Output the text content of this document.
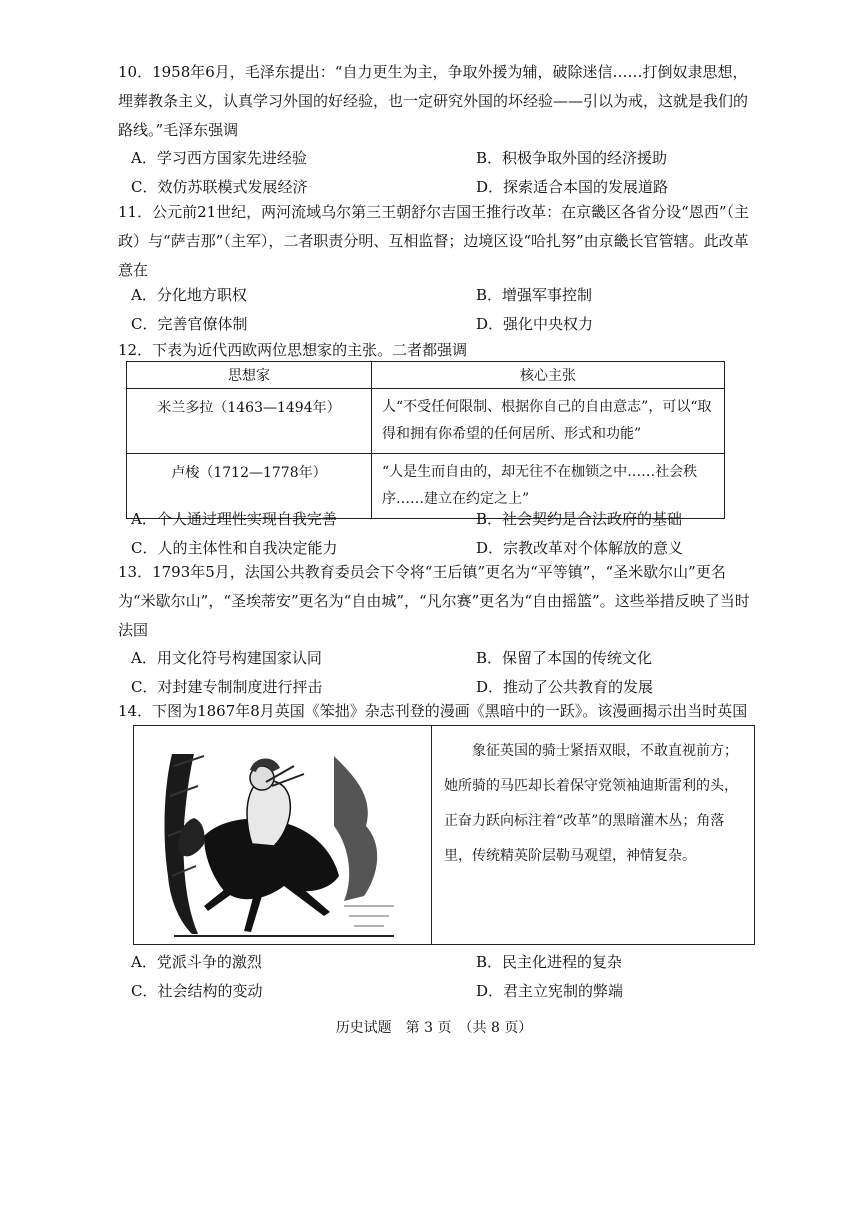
10．1958年6月，毛泽东提出：“自力更生为主，争取外援为辅，破除迷信……打倒奴隶思想，埋葬教条主义，认真学习外国的好经验，也一定研究外国的坏经验——引以为戒，这就是我们的路线。”毛泽东强调

A．学习西方国家先进经验	B．积极争取外国的经济援助
C．效仿苏联模式发展经济	D．探索适合本国的发展道路

11．公元前21世纪，两河流域乌尔第三王朝舒尔吉国王推行改革：在京畿区各省分设“恩西”（主政）与“萨吉那”（主军），二者职责分明、互相监督；边境区设“哈扎努”由京畿长官管辖。此改革意在

A．分化地方职权	B．增强军事控制
C．完善官僚体制	D．强化中央权力

12．下表为近代西欧两位思想家的主张。二者都强调

思想家	核心主张
米兰多拉（1463—1494年）	人“不受任何限制、根据你自己的自由意志”，可以“取得和拥有你希望的任何居所、形式和功能”
卢梭（1712—1778年）	“人是生而自由的，却无往不在枷锁之中……社会秩序……建立在约定之上”
A．个人通过理性实现自我完善	B．社会契约是合法政府的基础
C．人的主体性和自我决定能力	D．宗教改革对个体解放的意义

13．1793年5月，法国公共教育委员会下令将“王后镇”更名为“平等镇”，“圣米歇尔山”更名为“米歇尔山”，“圣埃蒂安”更名为“自由城”，“凡尔赛”更名为“自由摇篮”。这些举措反映了当时法国

A．用文化符号构建国家认同	B．保留了本国的传统文化
C．对封建专制制度进行抨击	D．推动了公共教育的发展

14．下图为1867年8月英国《笨拙》杂志刊登的漫画《黑暗中的一跃》。该漫画揭示出当时英国

象征英国的骑士紧捂双眼，不敢直视前方；她所骑的马匹却长着保守党领袖迪斯雷利的头，正奋力跃向标注着“改革”的黑暗灌木丛；角落里，传统精英阶层勒马观望，神情复杂。
A．党派斗争的激烈	B．民主化进程的复杂
C．社会结构的变动	D．君主立宪制的弊端
历史试题　第 3 页　（共 8 页）
